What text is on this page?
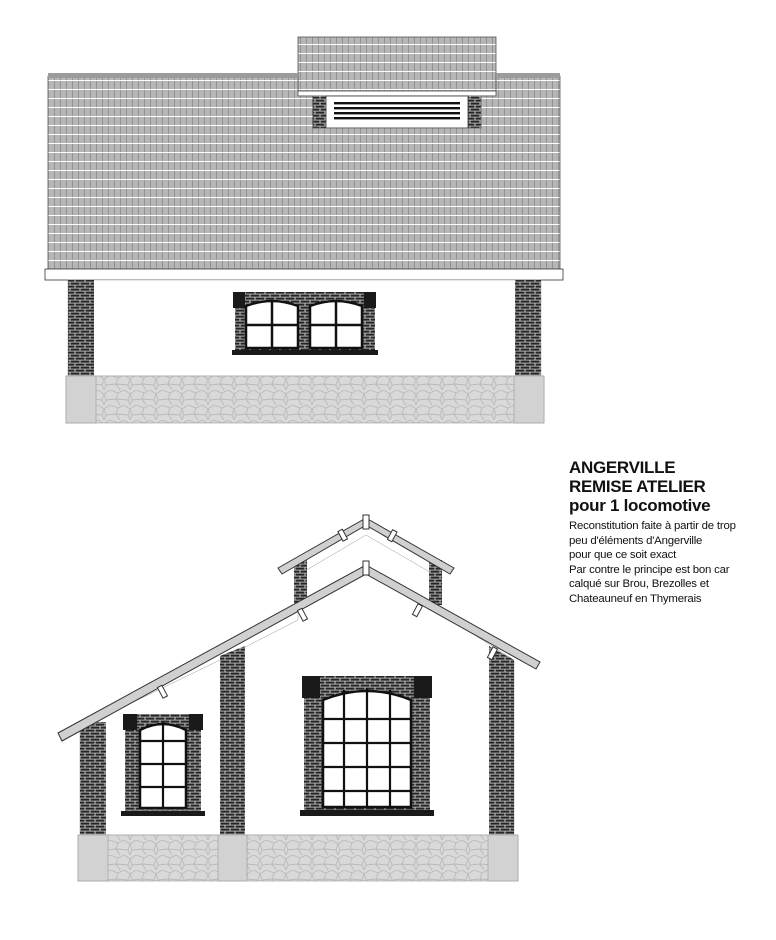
ANGERVILLE
REMISE ATELIER
pour 1 locomotive
Reconstitution faite à partir de trop
peu d'éléments d'Angerville
pour que ce soit exact
Par contre le principe est bon car
calqué sur Brou, Brezolles et
Chateauneuf en Thymerais
